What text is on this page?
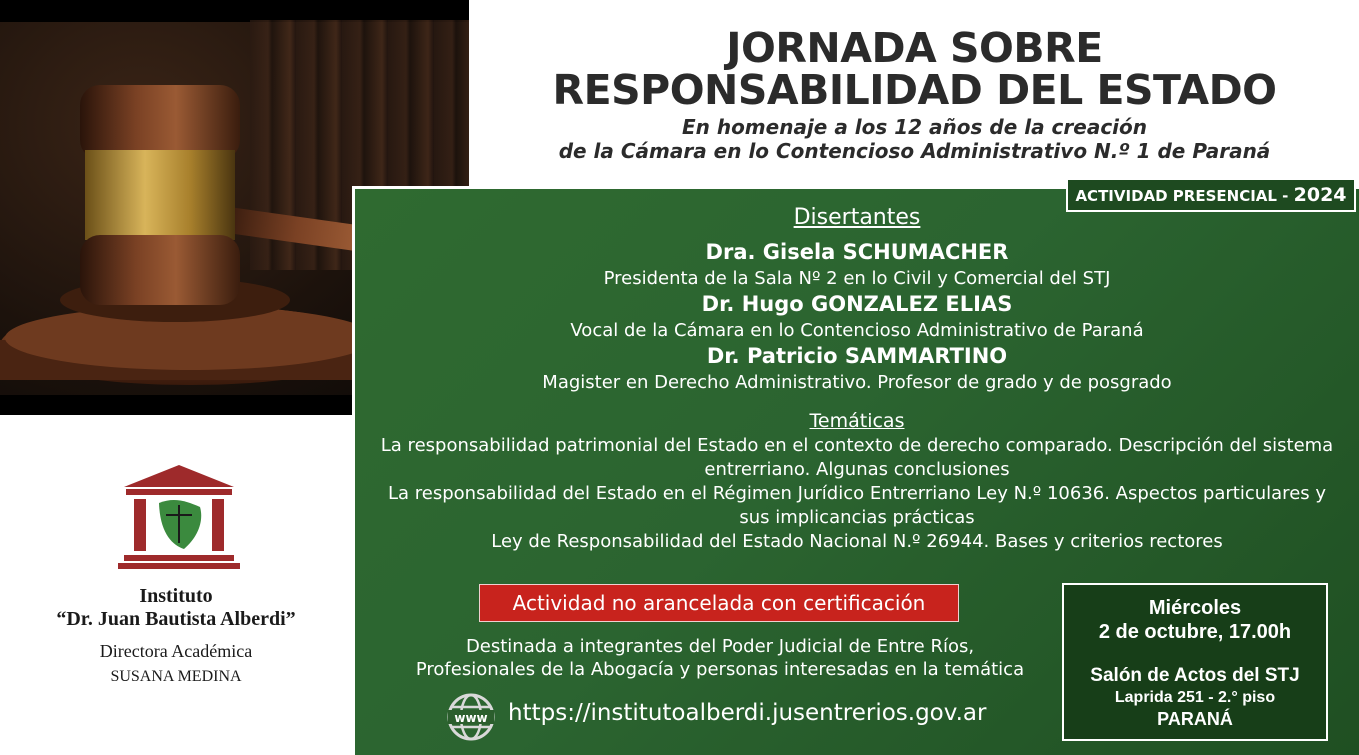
Instituto
“Dr. Juan Bautista Alberdi”
Directora Académica
SUSANA MEDINA
JORNADA SOBRE
RESPONSABILIDAD DEL ESTADO
En homenaje a los 12 años de la creación
de la Cámara en lo Contencioso Administrativo N.º 1 de Paraná
ACTIVIDAD PRESENCIAL - 2024
Disertantes
Dra. Gisela SCHUMACHER
Presidenta de la Sala Nº 2 en lo Civil y Comercial del STJ
Dr. Hugo GONZALEZ ELIAS
Vocal de la Cámara en lo Contencioso Administrativo de Paraná
Dr. Patricio SAMMARTINO
Magister en Derecho Administrativo. Profesor de grado y de posgrado
Temáticas
La responsabilidad patrimonial del Estado en el contexto de derecho comparado. Descripción del sistema
entrerriano. Algunas conclusiones
La responsabilidad del Estado en el Régimen Jurídico Entrerriano Ley N.º 10636. Aspectos particulares y
sus implicancias prácticas
Ley de Responsabilidad del Estado Nacional N.º 26944. Bases y criterios rectores
Actividad no arancelada con certificación
Destinada a integrantes del Poder Judicial de Entre Ríos,
Profesionales de la Abogacía y personas interesadas en la temática
www https://institutoalberdi.jusentrerios.gov.ar
Miércoles
2 de octubre, 17.00h
Salón de Actos del STJ
Laprida 251 - 2.° piso
PARANÁ
